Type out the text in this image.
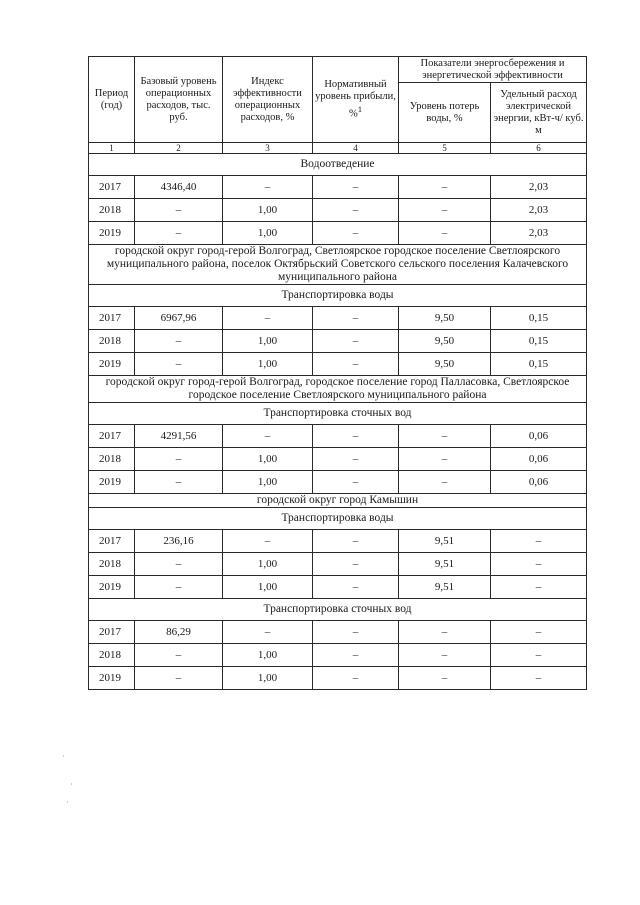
Период (год)	Базовый уровень операционных расходов, тыс. руб.	Индекс эффективности операционных расходов, %	Нормативный уровень прибыли, %$^1$	Показатели энергосбережения и энергетической эффективности	
				Уровень потерь воды, %	Удельный расход электрической энергии, кВт-ч/ куб. м
1	2	3	4	5	6
Водоотведение					
2017	4346,40	–	–	–	2,03
2018	–	1,00	–	–	2,03
2019	–	1,00	–	–	2,03
городской округ город-герой Волгоград, Светлоярское городское поселение Светлоярского муниципального района, поселок Октябрьский Советского сельского поселения Калачевского муниципального района					
Транспортировка воды					
2017	6967,96	–	–	9,50	0,15
2018	–	1,00	–	9,50	0,15
2019	–	1,00	–	9,50	0,15
городской округ город-герой Волгоград, городское поселение город Палласовка, Светлоярское городское поселение Светлоярского муниципального района					
Транспортировка сточных вод					
2017	4291,56	–	–	–	0,06
2018	–	1,00	–	–	0,06
2019	–	1,00	–	–	0,06
городской округ город Камышин					
Транспортировка воды					
2017	236,16	–	–	9,51	–
2018	–	1,00	–	9,51	–
2019	–	1,00	–	9,51	–
Транспортировка сточных вод					
2017	86,29	–	–	–	–
2018	–	1,00	–	–	–
2019	–	1,00	–	–	–
·
·
·
